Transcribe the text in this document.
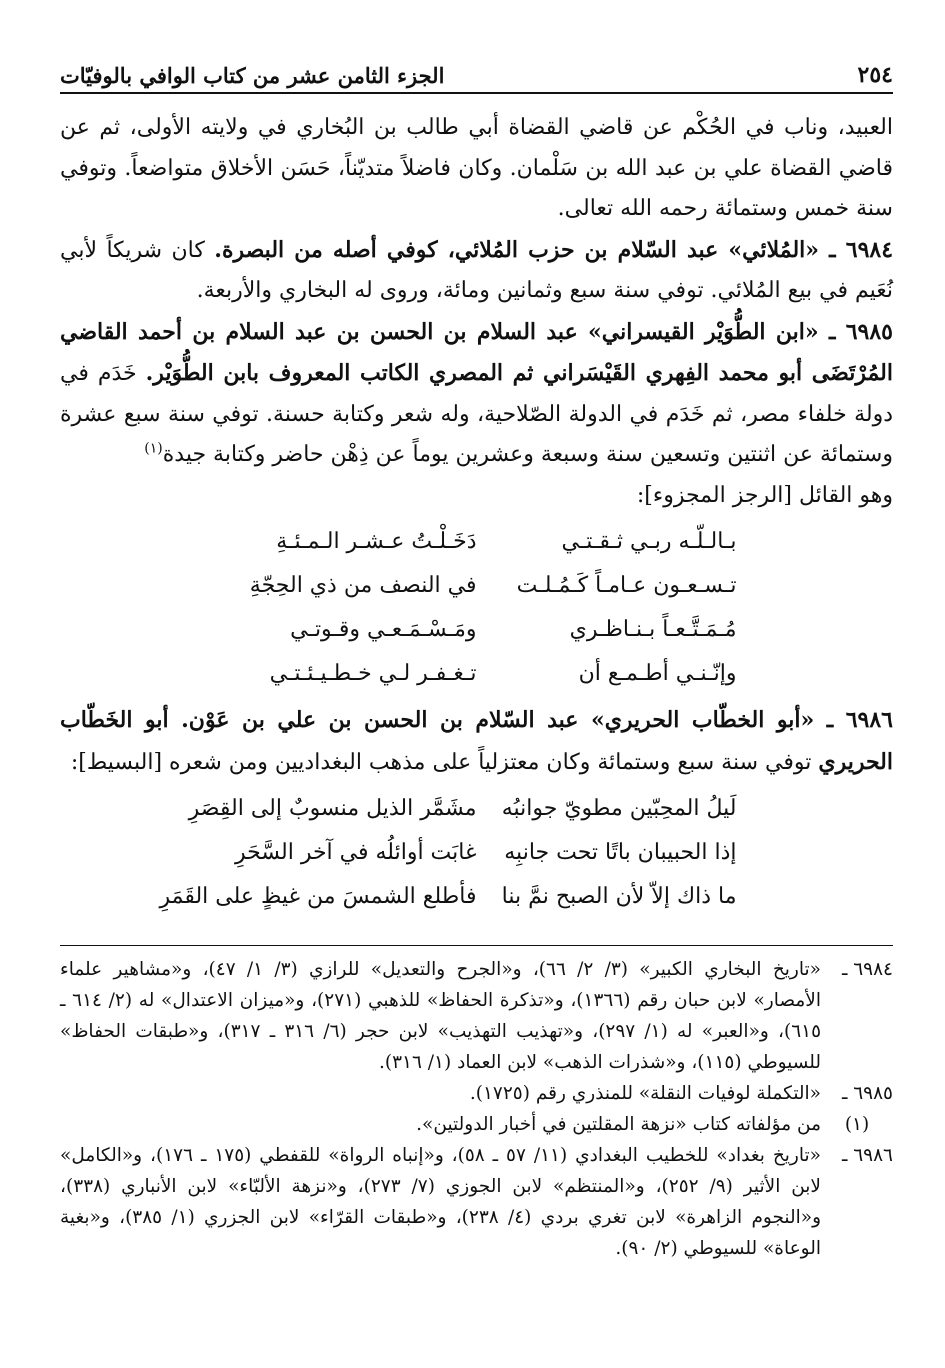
٢٥٤
الجزء الثامن عشر من كتاب الوافي بالوفيّات

العبيد، وناب في الحُكْم عن قاضي القضاة أبي طالب بن البُخاري في ولايته الأولى، ثم عن قاضي القضاة علي بن عبد الله بن سَلْمان. وكان فاضلاً متديّناً، حَسَن الأخلاق متواضعاً. وتوفي سنة خمس وستمائة رحمه الله تعالى.

٦٩٨٤ ـ «المُلائي» عبد السّلام بن حزب المُلائي، كوفي أصله من البصرة. كان شريكاً لأبي نُعَيم في بيع المُلائي. توفي سنة سبع وثمانين ومائة، وروى له البخاري والأربعة.

٦٩٨٥ ـ «ابن الطُّوَيْر القيسراني» عبد السلام بن الحسن بن عبد السلام بن أحمد القاضي المُرْتَضَى أبو محمد الفِهري القَيْسَراني ثم المصري الكاتب المعروف بابن الطُّوَيْر. خَدَم في دولة خلفاء مصر، ثم خَدَم في الدولة الصّلاحية، وله شعر وكتابة حسنة. توفي سنة سبع عشرة وستمائة عن اثنتين وتسعين سنة وسبعة وعشرين يوماً عن ذِهْن حاضر وكتابة جيدة$^{(١)}$

وهو القائل [الرجز المجزوء]:

بـالـلّـه ربـي ثـقـتـي
دَخَـلْـتُ عـشـر الـمـئـةِ
تـسـعـون عـامـاً كَـمُـلـت
في النصف من ذي الحِجّةِ
مُـمَـتَّـعـاً بـنـاظـري
ومَـسْـمَـعـي وقـوتـي
وإنّـنـي أطـمـع أن
تـغـفـر لـي خـطـيـئـتـي

٦٩٨٦ ـ «أبو الخطّاب الحريري» عبد السّلام بن الحسن بن علي بن عَوْن. أبو الخَطّاب الحريري توفي سنة سبع وستمائة وكان معتزلياً على مذهب البغداديين ومن شعره [البسيط]:

لَيلُ المحِبّين مطويّ جوانبُه
مشَمَّر الذيل منسوبٌ إلى القِصَرِ
إذا الحبيبان باتًا تحت جانبِه
غابَت أوائلُه في آخر السَّحَرِ
ما ذاك إلاّ لأن الصبح نمَّ بنا
فأطلع الشمسَ من غيظٍ على القَمَرِ

٦٩٨٤ ـ
«تاريخ البخاري الكبير» (٣/ ٢/ ٦٦)، و«الجرح والتعديل» للرازي (٣/ ١/ ٤٧)، و«مشاهير علماء الأمصار» لابن حبان رقم (١٣٦٦)، و«تذكرة الحفاظ» للذهبي (٢٧١)، و«ميزان الاعتدال» له (٢/ ٦١٤ ـ ٦١٥)، و«العبر» له (١/ ٢٩٧)، و«تهذيب التهذيب» لابن حجر (٦/ ٣١٦ ـ ٣١٧)، و«طبقات الحفاظ» للسيوطي (١١٥)، و«شذرات الذهب» لابن العماد (١/ ٣١٦).

٦٩٨٥ ـ
«التكملة لوفيات النقلة» للمنذري رقم (١٧٢٥).

(١)
من مؤلفاته كتاب «نزهة المقلتين في أخبار الدولتين».

٦٩٨٦ ـ
«تاريخ بغداد» للخطيب البغدادي (١١/ ٥٧ ـ ٥٨)، و«إنباه الرواة» للقفطي (١٧٥ ـ ١٧٦)، و«الكامل» لابن الأثير (٩/ ٢٥٢)، و«المنتظم» لابن الجوزي (٧/ ٢٧٣)، و«نزهة الألبّاء» لابن الأنباري (٣٣٨)، و«النجوم الزاهرة» لابن تغري بردي (٤/ ٢٣٨)، و«طبقات القرّاء» لابن الجزري (١/ ٣٨٥)، و«بغية الوعاة» للسيوطي (٢/ ٩٠).
